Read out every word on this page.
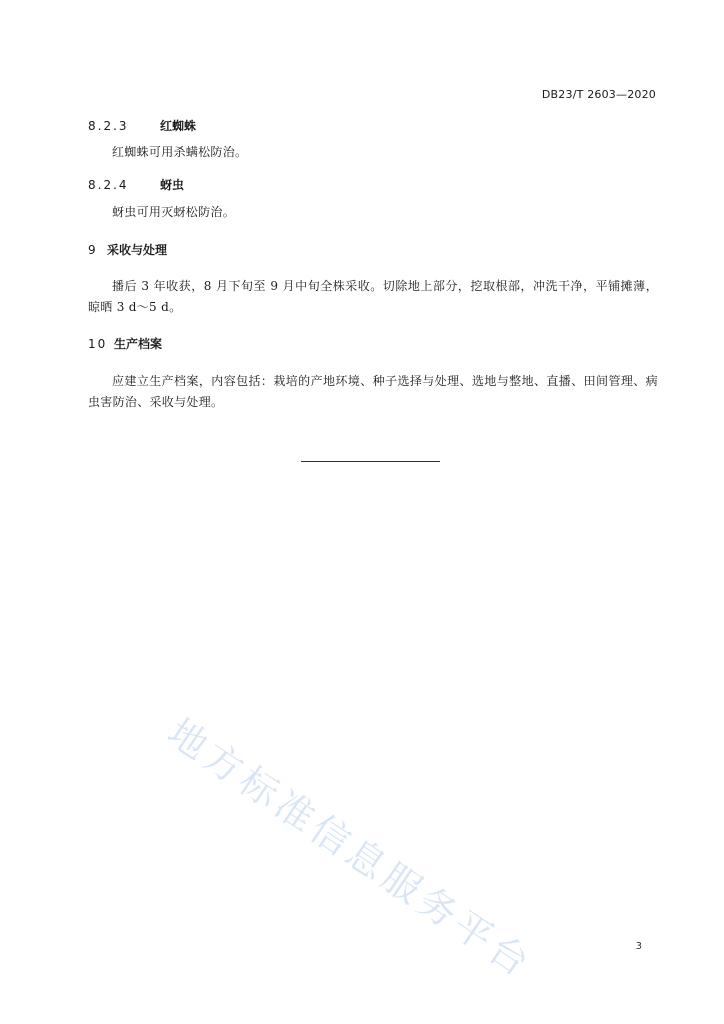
DB23/T 2603—2020
8.2.3	红蜘蛛
红蜘蛛可用杀螨松防治。
8.2.4	蚜虫
蚜虫可用灭蚜松防治。
9 采收与处理
播后 3 年收获，8 月下旬至 9 月中旬全株采收。切除地上部分，挖取根部，冲洗干净，平铺摊薄，晾晒 3 d～5 d。
10 生产档案
应建立生产档案，内容包括：栽培的产地环境、种子选择与处理、选地与整地、直播、田间管理、病虫害防治、采收与处理。
地方标准信息服务平台	3
